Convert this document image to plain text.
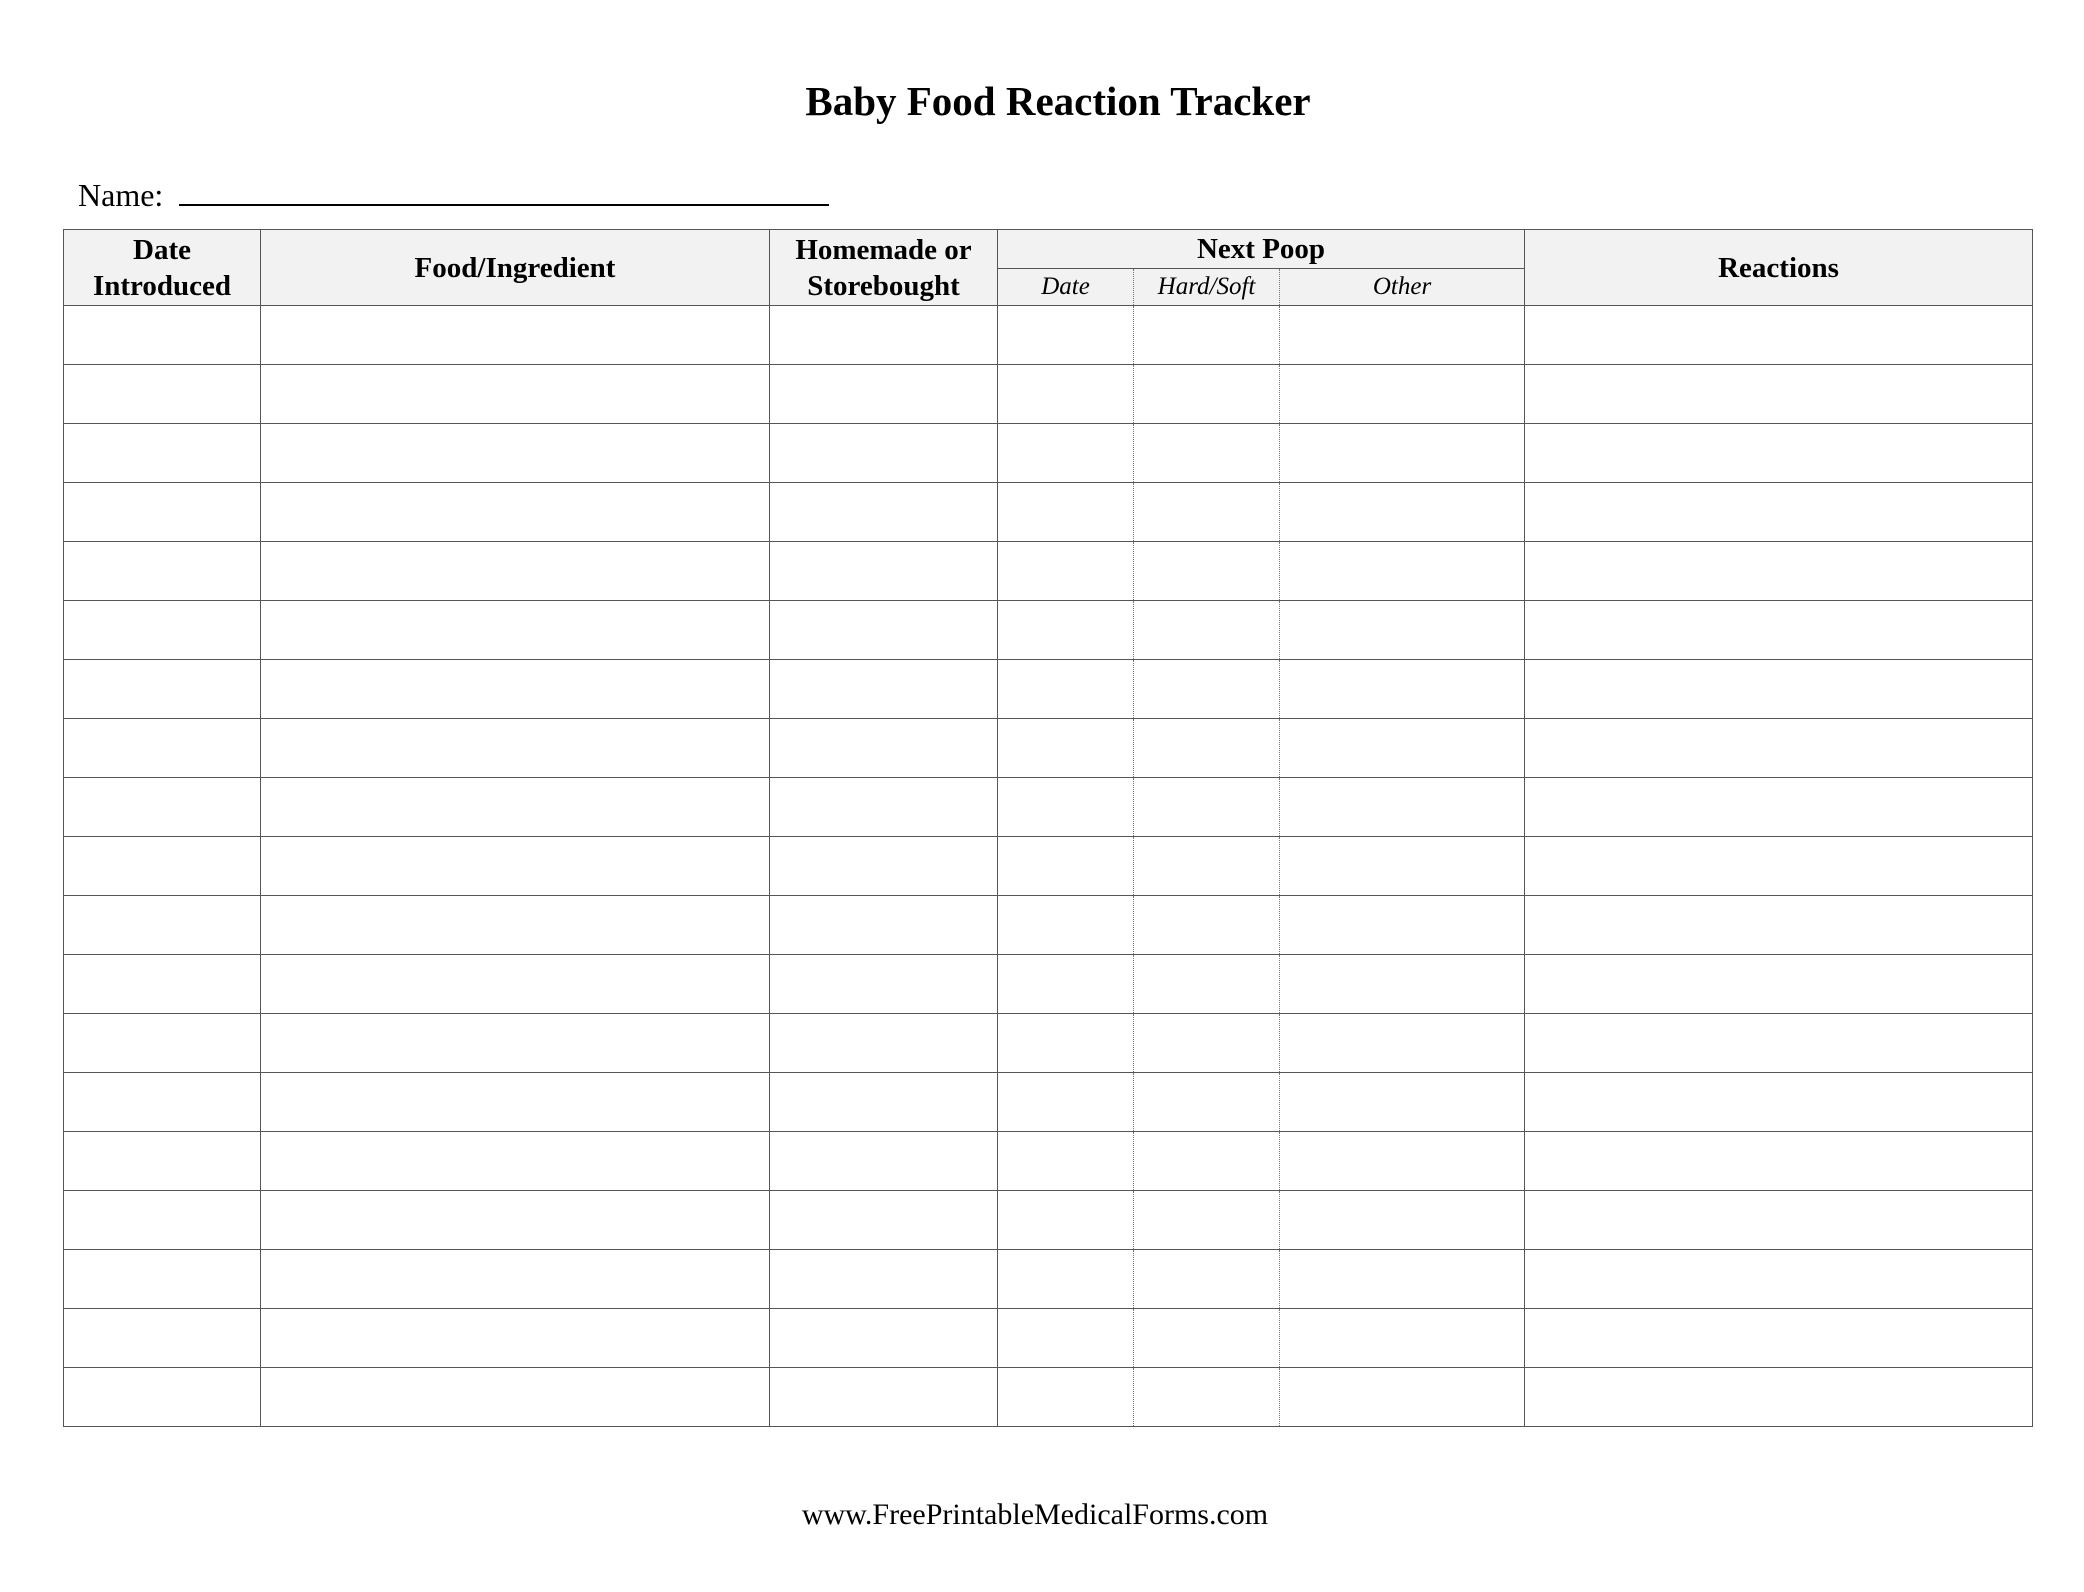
Baby Food Reaction Tracker
Name:
Date Introduced	Food/Ingredient	Homemade or Storebought	Next Poop			Reactions
			Date	Hard/Soft	Other	

www.FreePrintableMedicalForms.com
